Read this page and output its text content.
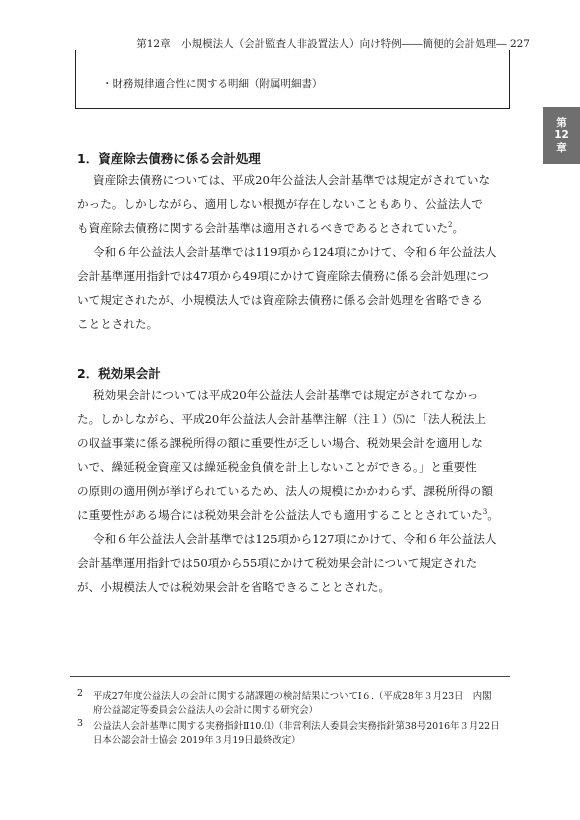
第12章　小規模法人（会計監査人非設置法人）向け特例――簡便的会計処理― 227
・財務規律適合性に関する明細（附属明細書）
第
12
章
1．資産除去債務に係る会計処理
資産除去債務については、平成20年公益法人会計基準では規定がされていな
かった。しかしながら、適用しない根拠が存在しないこともあり、公益法人で
も資産除去債務に関する会計基準は適用されるべきであるとされていた$^2$。
令和６年公益法人会計基準では119項から124項にかけて、令和６年公益法人
会計基準運用指針では47項から49項にかけて資産除去債務に係る会計処理につ
いて規定されたが、小規模法人では資産除去債務に係る会計処理を省略できる
こととされた。
2．税効果会計
税効果会計については平成20年公益法人会計基準では規定がされてなかっ
た。しかしながら、平成20年公益法人会計基準注解（注１）⑸に「法人税法上
の収益事業に係る課税所得の額に重要性が乏しい場合、税効果会計を適用しな
いで、繰延税金資産又は繰延税金負債を計上しないことができる。」と重要性
の原則の適用例が挙げられているため、法人の規模にかかわらず、課税所得の額
に重要性がある場合には税効果会計を公益法人でも適用することとされていた$^3$。
令和６年公益法人会計基準では125項から127項にかけて、令和６年公益法人
会計基準運用指針では50項から55項にかけて税効果会計について規定された
が、小規模法人では税効果会計を省略できることとされた。
2 平成27年度公益法人の会計に関する諸課題の検討結果についてⅠ６.（平成28年３月23日　内閣
府公益認定等委員会公益法人の会計に関する研究会）
3 公益法人会計基準に関する実務指針Ⅱ10.⑴（非営利法人委員会実務指針第38号2016年３月22日
日本公認会計士協会 2019年３月19日最終改定）
